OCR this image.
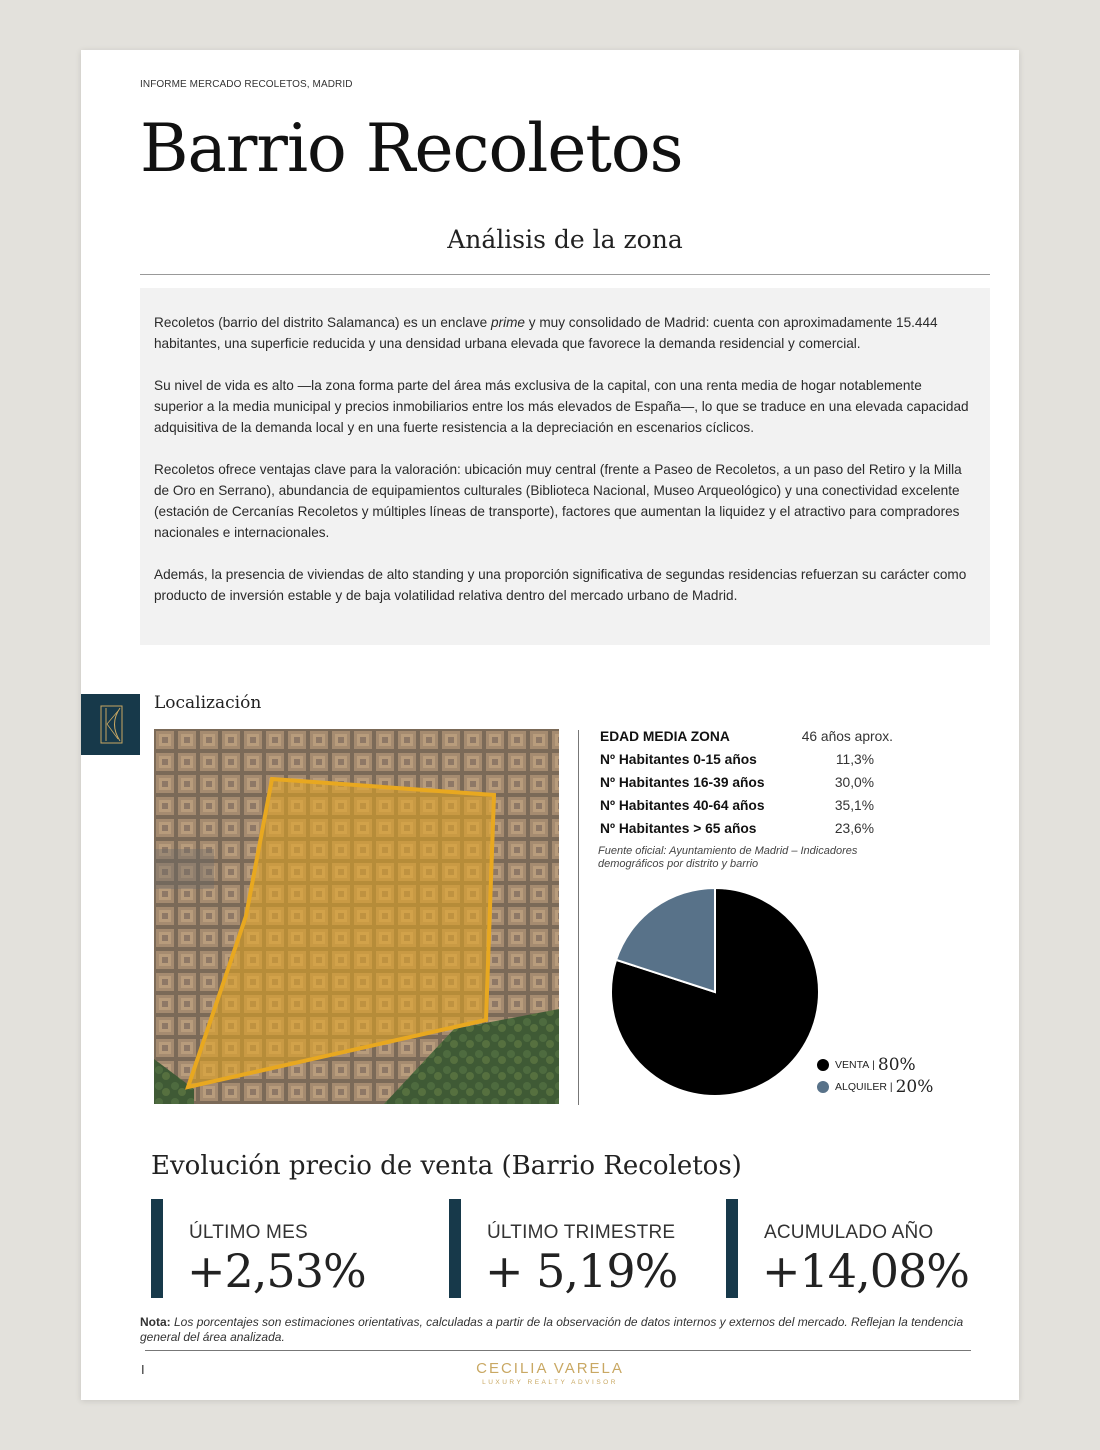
INFORME MERCADO RECOLETOS, MADRID
Barrio Recoletos
Análisis de la zona

Recoletos (barrio del distrito Salamanca) es un enclave prime y muy consolidado de Madrid: cuenta con aproximadamente 15.444 habitantes, una superficie reducida y una densidad urbana elevada que favorece la demanda residencial y comercial.

Su nivel de vida es alto —la zona forma parte del área más exclusiva de la capital, con una renta media de hogar notablemente superior a la media municipal y precios inmobiliarios entre los más elevados de España—, lo que se traduce en una elevada capacidad adquisitiva de la demanda local y en una fuerte resistencia a la depreciación en escenarios cíclicos.

Recoletos ofrece ventajas clave para la valoración: ubicación muy central (frente a Paseo de Recoletos, a un paso del Retiro y la Milla de Oro en Serrano), abundancia de equipamientos culturales (Biblioteca Nacional, Museo Arqueológico) y una conectividad excelente (estación de Cercanías Recoletos y múltiples líneas de transporte), factores que aumentan la liquidez y el atractivo para compradores nacionales e internacionales.

Además, la presencia de viviendas de alto standing y una proporción significativa de segundas residencias refuerzan su carácter como producto de inversión estable y de baja volatilidad relativa dentro del mercado urbano de Madrid.

Localización
EDAD MEDIA ZONA	46 años aprox.
Nº Habitantes 0-15 años	11,3%
Nº Habitantes 16-39 años	30,0%
Nº Habitantes 40-64 años	35,1%
Nº Habitantes > 65 años	23,6%
Fuente oficial: Ayuntamiento de Madrid – Indicadores demográficos por distrito y barrio
VENTA | 80%
ALQUILER | 20%
Evolución precio de venta (Barrio Recoletos)
ÚLTIMO MES
+2,53%
ÚLTIMO TRIMESTRE
+ 5,19%
ACUMULADO AÑO
+14,08%
Nota: Los porcentajes son estimaciones orientativas, calculadas a partir de la observación de datos internos y externos del mercado. Reflejan la tendencia general del área analizada.
I	CECILIA VARELA
LUXURY REALTY ADVISOR
